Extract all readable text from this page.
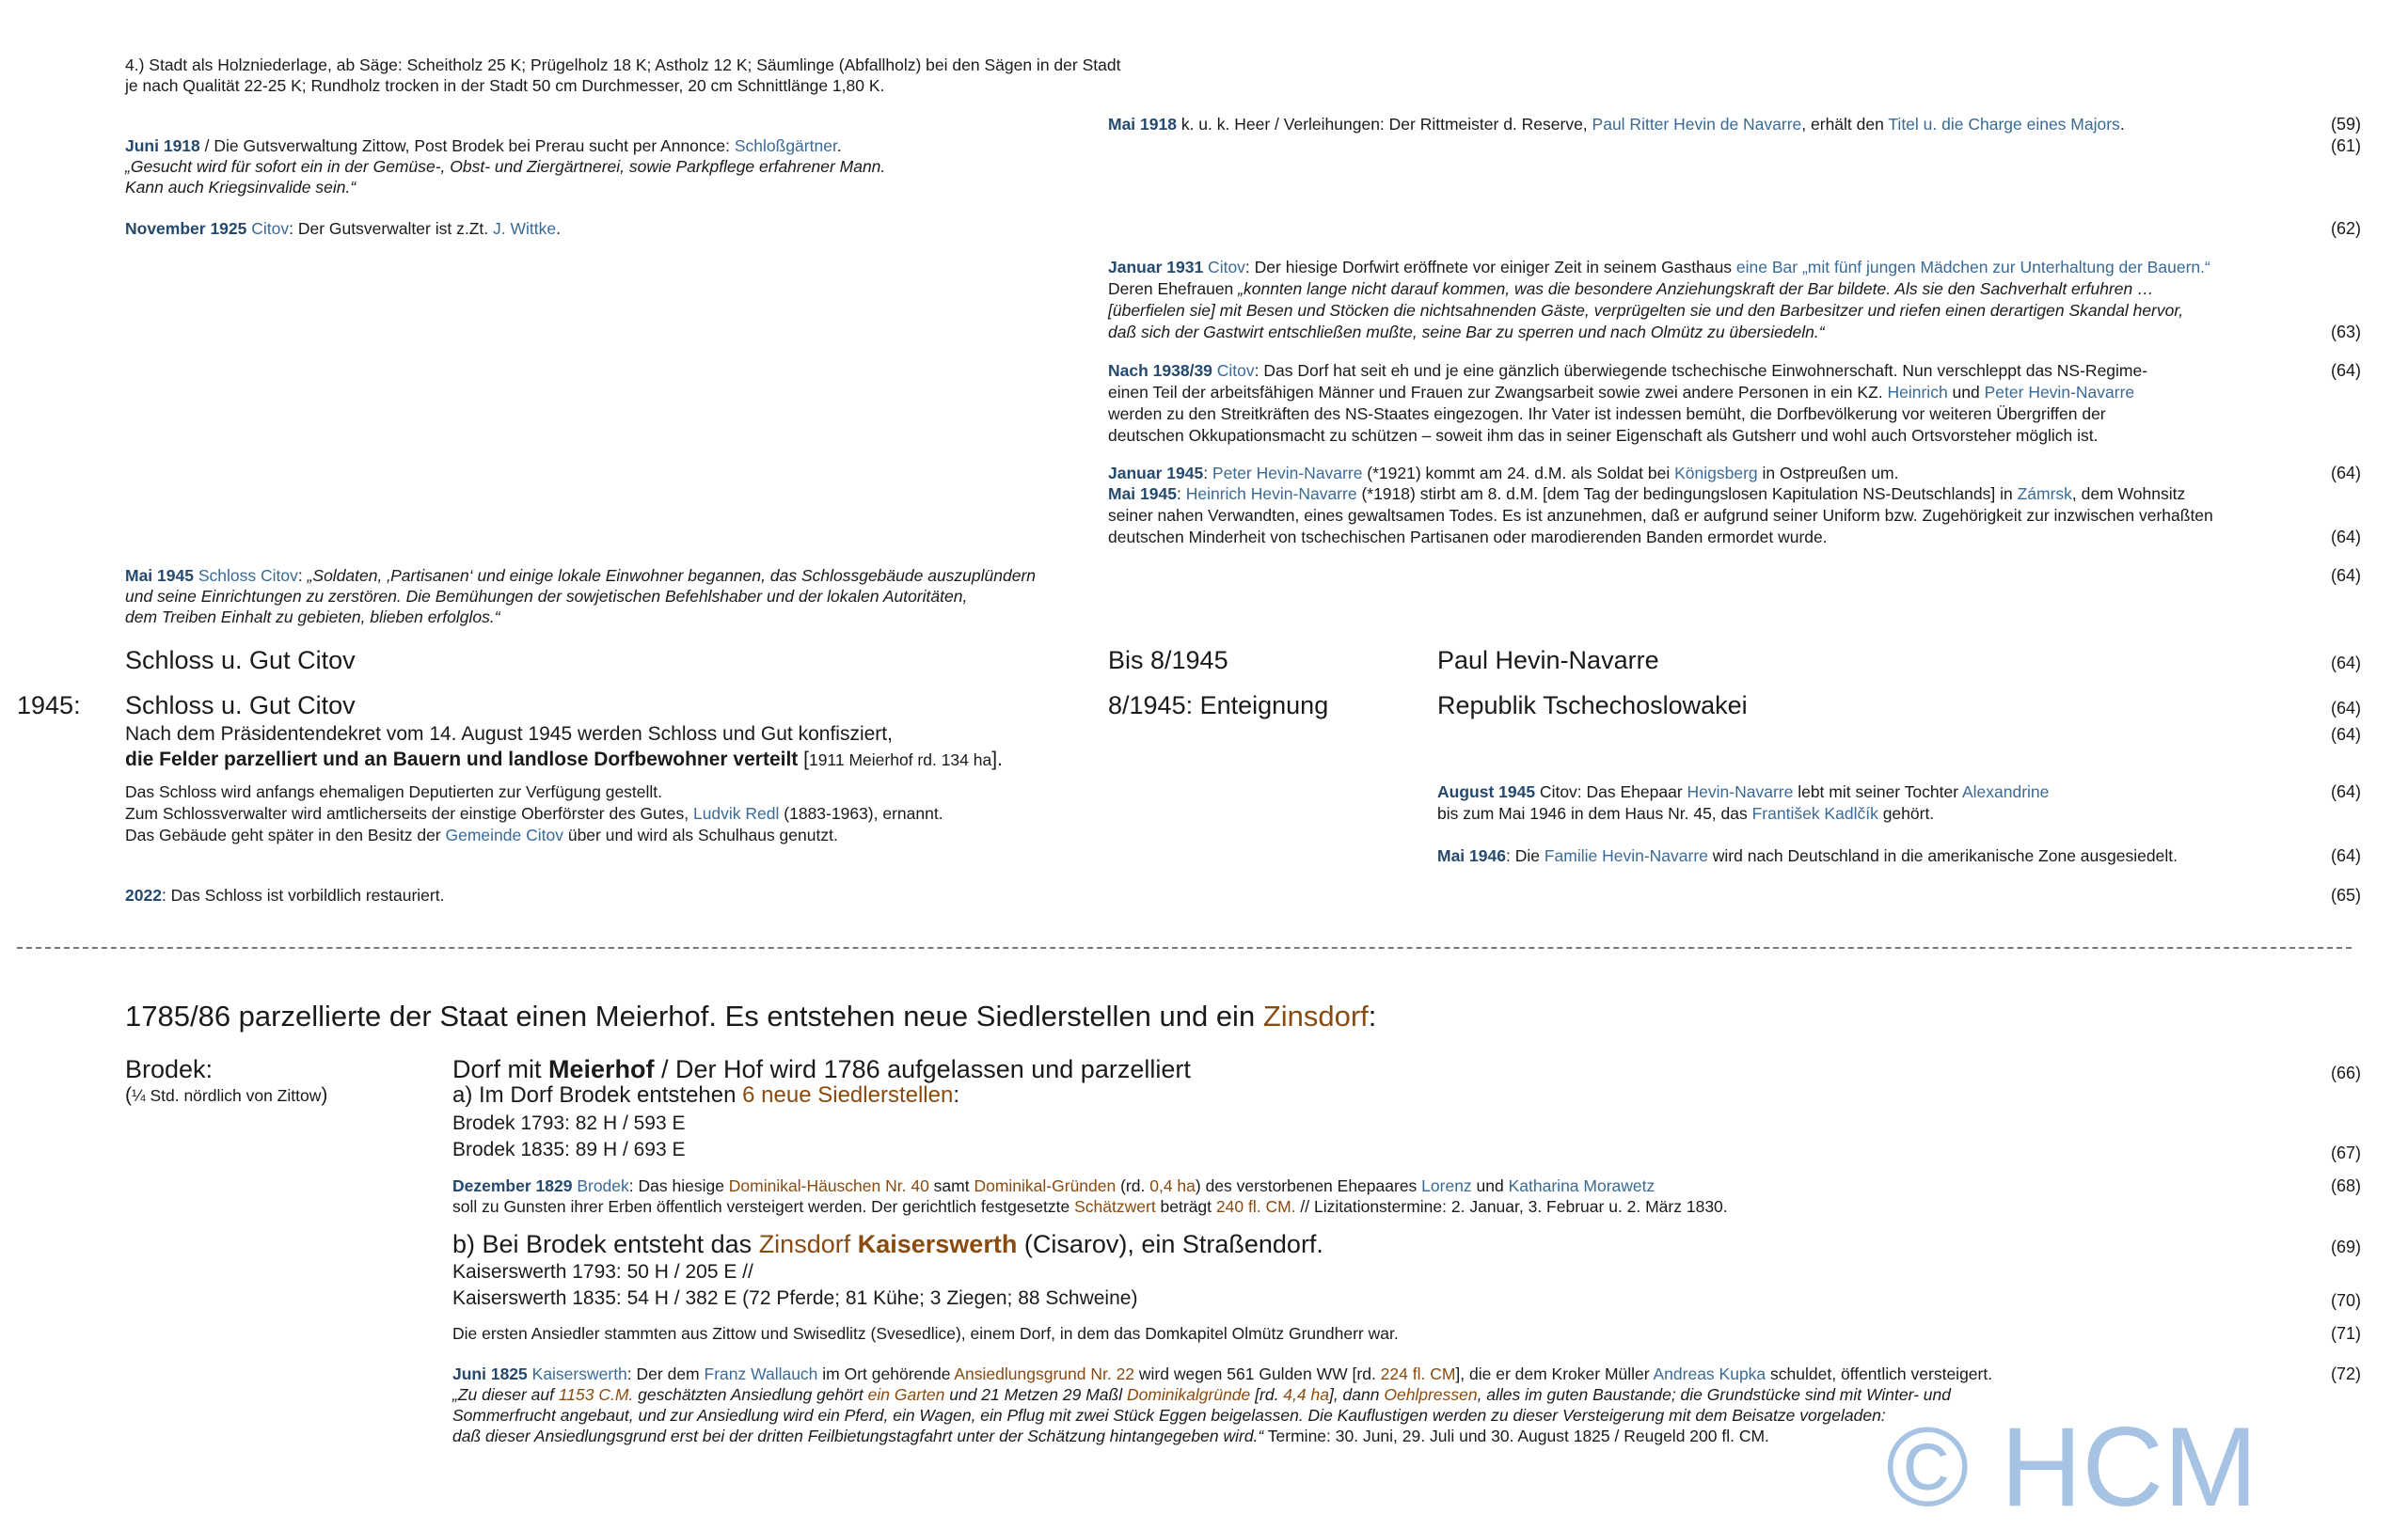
4.) Stadt als Holzniederlage, ab Säge: Scheitholz 25 K; Prügelholz 18 K; Astholz 12 K; Säumlinge (Abfallholz) bei den Sägen in der Stadt
je nach Qualität 22-25 K; Rundholz trocken in der Stadt 50 cm Durchmesser, 20 cm Schnittlänge 1,80 K.
Mai 1918 k. u. k. Heer / Verleihungen: Der Rittmeister d. Reserve, Paul Ritter Hevin de Navarre, erhält den Titel u. die Charge eines Majors.	(59)
(61)
Juni 1918 / Die Gutsverwaltung Zittow, Post Brodek bei Prerau sucht per Annonce: Schloßgärtner.
„Gesucht wird für sofort ein in der Gemüse-, Obst- und Ziergärtnerei, sowie Parkpflege erfahrener Mann.
Kann auch Kriegsinvalide sein.“
November 1925 Citov: Der Gutsverwalter ist z.Zt. J. Wittke.	(62)
Januar 1931 Citov: Der hiesige Dorfwirt eröffnete vor einiger Zeit in seinem Gasthaus eine Bar „mit fünf jungen Mädchen zur Unterhaltung der Bauern.“
Deren Ehefrauen „konnten lange nicht darauf kommen, was die besondere Anziehungskraft der Bar bildete. Als sie den Sachverhalt erfuhren …
[überfielen sie] mit Besen und Stöcken die nichtsahnenden Gäste, verprügelten sie und den Barbesitzer und riefen einen derartigen Skandal hervor,
daß sich der Gastwirt entschließen mußte, seine Bar zu sperren und nach Olmütz zu übersiedeln.“	(63)
Nach 1938/39 Citov: Das Dorf hat seit eh und je eine gänzlich überwiegende tschechische Einwohnerschaft. Nun verschleppt das NS-Regime-	(64)
einen Teil der arbeitsfähigen Männer und Frauen zur Zwangsarbeit sowie zwei andere Personen in ein KZ. Heinrich und Peter Hevin-Navarre
werden zu den Streitkräften des NS-Staates eingezogen. Ihr Vater ist indessen bemüht, die Dorfbevölkerung vor weiteren Übergriffen der
deutschen Okkupationsmacht zu schützen – soweit ihm das in seiner Eigenschaft als Gutsherr und wohl auch Ortsvorsteher möglich ist.
Januar 1945: Peter Hevin-Navarre (*1921) kommt am 24. d.M. als Soldat bei Königsberg in Ostpreußen um.	(64)
Mai 1945: Heinrich Hevin-Navarre (*1918) stirbt am 8. d.M. [dem Tag der bedingungslosen Kapitulation NS-Deutschlands] in Zámrsk, dem Wohnsitz
seiner nahen Verwandten, eines gewaltsamen Todes. Es ist anzunehmen, daß er aufgrund seiner Uniform bzw. Zugehörigkeit zur inzwischen verhaßten
deutschen Minderheit von tschechischen Partisanen oder marodierenden Banden ermordet wurde.	(64)
Mai 1945 Schloss Citov: „Soldaten, ‚Partisanen‘ und einige lokale Einwohner begannen, das Schlossgebäude auszuplündern
und seine Einrichtungen zu zerstören. Die Bemühungen der sowjetischen Befehlshaber und der lokalen Autoritäten,
dem Treiben Einhalt zu gebieten, blieben erfolglos.“
(64)
Schloss u. Gut Citov	Bis 8/1945	Paul Hevin-Navarre	(64)
1945: Schloss u. Gut Citov	8/1945: Enteignung	Republik Tschechoslowakei	(64)
Nach dem Präsidentendekret vom 14. August 1945 werden Schloss und Gut konfisziert,
die Felder parzelliert und an Bauern und landlose Dorfbewohner verteilt [1911 Meierhof rd. 134 ha].
(64)
Das Schloss wird anfangs ehemaligen Deputierten zur Verfügung gestellt.
Zum Schlossverwalter wird amtlicherseits der einstige Oberförster des Gutes, Ludvik Redl (1883-1963), ernannt.
Das Gebäude geht später in den Besitz der Gemeinde Citov über und wird als Schulhaus genutzt.
August 1945 Citov: Das Ehepaar Hevin-Navarre lebt mit seiner Tochter Alexandrine
bis zum Mai 1946 in dem Haus Nr. 45, das František Kadlčík gehört.
(64)
Mai 1946: Die Familie Hevin-Navarre wird nach Deutschland in die amerikanische Zone ausgesiedelt.	(64)
2022: Das Schloss ist vorbildlich restauriert.	(65)
1785/86 parzellierte der Staat einen Meierhof. Es entstehen neue Siedlerstellen und ein Zinsdorf:
Brodek:
(¼ Std. nördlich von Zittow)
Dorf mit Meierhof / Der Hof wird 1786 aufgelassen und parzelliert	(66)
a) Im Dorf Brodek entstehen 6 neue Siedlerstellen:
Brodek 1793: 82 H / 593 E
Brodek 1835: 89 H / 693 E	(67)
Dezember 1829 Brodek: Das hiesige Dominikal-Häuschen Nr. 40 samt Dominikal-Gründen (rd. 0,4 ha) des verstorbenen Ehepaares Lorenz und Katharina Morawetz	(68)
soll zu Gunsten ihrer Erben öffentlich versteigert werden. Der gerichtlich festgesetzte Schätzwert beträgt 240 fl. CM. // Lizitationstermine: 2. Januar, 3. Februar u. 2. März 1830.
b) Bei Brodek entsteht das Zinsdorf Kaiserswerth (Cisarov), ein Straßendorf.	(69)
Kaiserswerth 1793: 50 H / 205 E //
Kaiserswerth 1835: 54 H / 382 E (72 Pferde; 81 Kühe; 3 Ziegen; 88 Schweine)	(70)
Die ersten Ansiedler stammten aus Zittow und Swisedlitz (Svesedlice), einem Dorf, in dem das Domkapitel Olmütz Grundherr war.	(71)
Juni 1825 Kaiserswerth: Der dem Franz Wallauch im Ort gehörende Ansiedlungsgrund Nr. 22 wird wegen 561 Gulden WW [rd. 224 fl. CM], die er dem Kroker Müller Andreas Kupka schuldet, öffentlich versteigert.	(72)
„Zu dieser auf 1153 C.M. geschätzten Ansiedlung gehört ein Garten und 21 Metzen 29 Maßl Dominikalgründe [rd. 4,4 ha], dann Oehlpressen, alles im guten Baustande; die Grundstücke sind mit Winter- und
Sommerfrucht angebaut, und zur Ansiedlung wird ein Pferd, ein Wagen, ein Pflug mit zwei Stück Eggen beigelassen. Die Kauflustigen werden zu dieser Versteigerung mit dem Beisatze vorgeladen:
daß dieser Ansiedlungsgrund erst bei der dritten Feilbietungstagfahrt unter der Schätzung hintangegeben wird.“ Termine: 30. Juni, 29. Juli und 30. August 1825 / Reugeld 200 fl. CM. © HCM
